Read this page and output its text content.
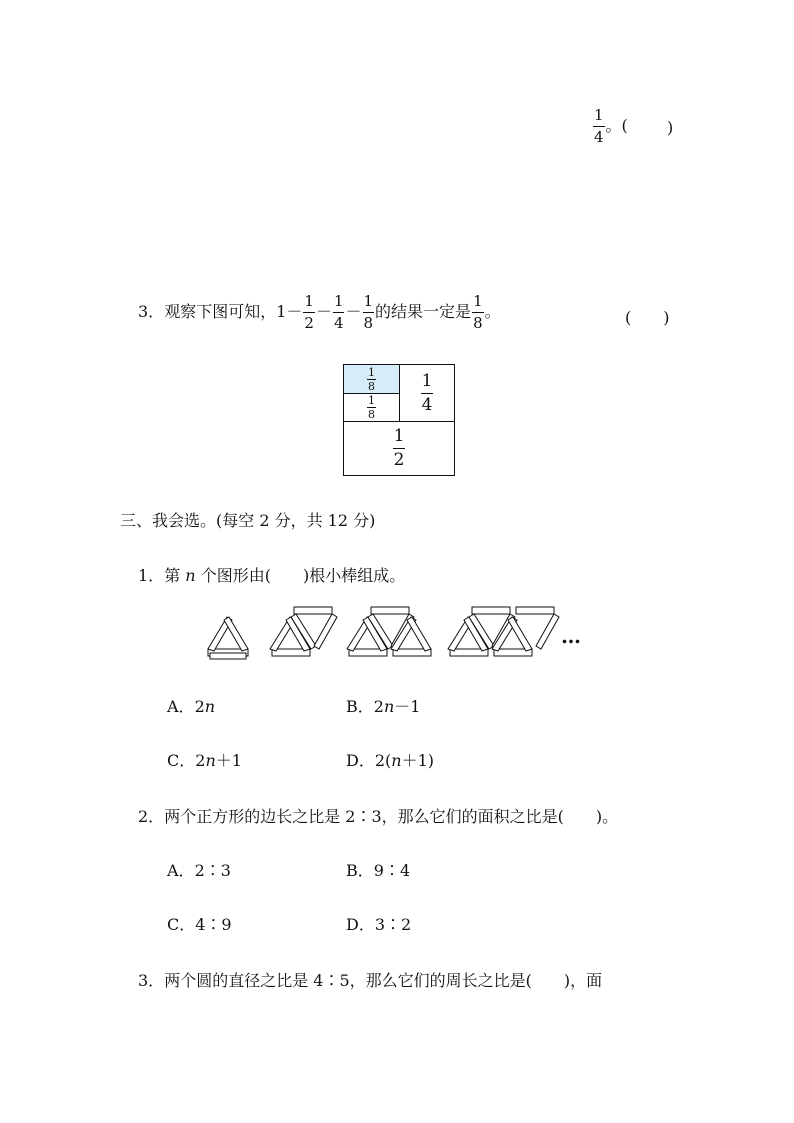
$\frac{1}{4}$ 。( )
3．观察下图可知，$1- \frac{1}{2} - \frac{1}{4} - \frac{1}{8}$ 的结果一定是 $\frac{1}{8}$ 。	(　　)
$\frac{1}{8}$
$\frac{1}{8}$	$\frac{1}{4}$
$\frac{1}{2}$
三、我会选。(每空 2 分，共 12 分)
1．第 n 个图形由(　　)根小棒组成。
…
A．2n	B．2n－1
C．2n＋1	D．2(n＋1)
2．两个正方形的边长之比是 2∶3，那么它们的面积之比是(　　)。
A．2∶3	B．9∶4
C．4∶9	D．3∶2
3．两个圆的直径之比是 4∶5，那么它们的周长之比是(　　)，面
